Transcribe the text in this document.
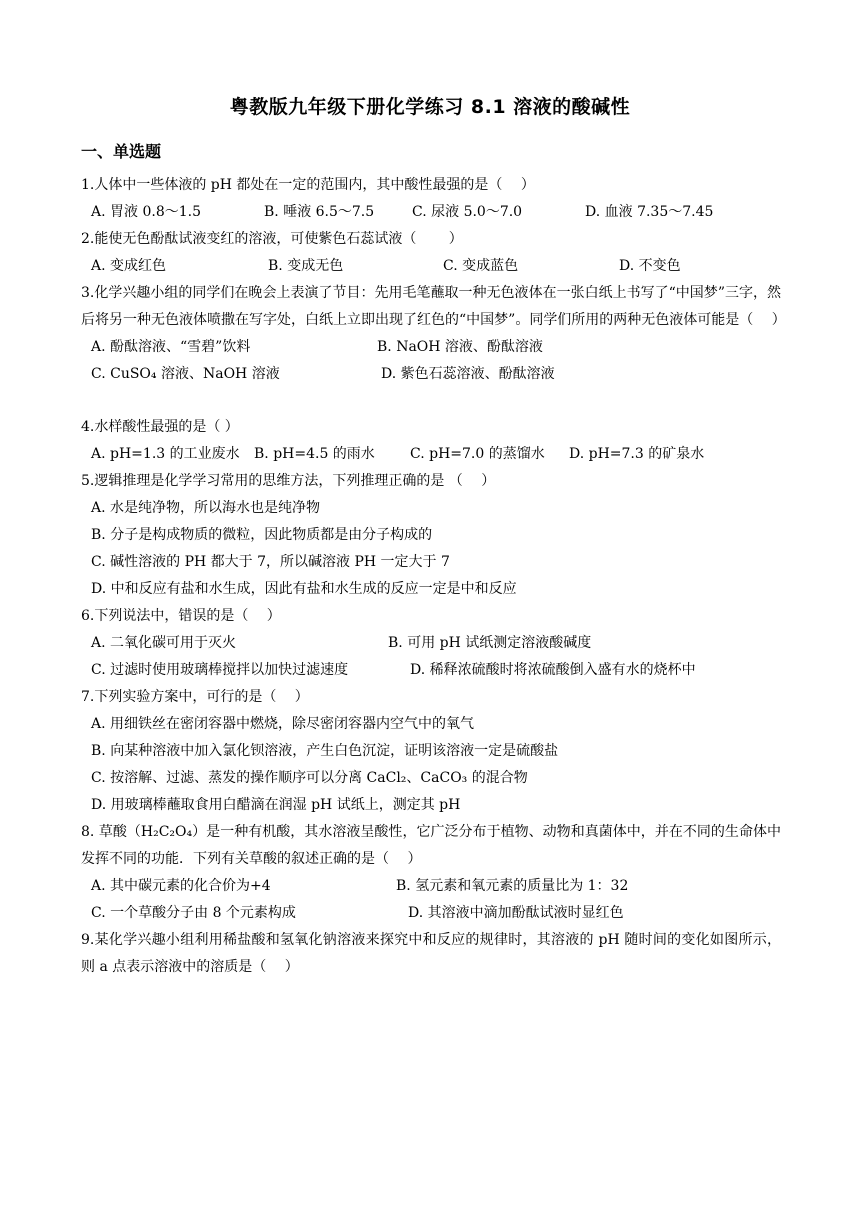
粤教版九年级下册化学练习 8.1 溶液的酸碱性
一、单选题
1.人体中一些体液的 pH 都处在一定的范围内，其中酸性最强的是（　 ）
A. 胃液 0.8～1.5	B. 唾液 6.5～7.5	C. 尿液 5.0～7.0	D. 血液 7.35～7.45
2.能使无色酚酞试液变红的溶液，可使紫色石蕊试液（　　 ）
A. 变成红色	B. 变成无色	C. 变成蓝色	D. 不变色
3.化学兴趣小组的同学们在晚会上表演了节目：先用毛笔蘸取一种无色液体在一张白纸上书写了“中国梦”三字，然后将另一种无色液体喷撒在写字处，白纸上立即出现了红色的“中国梦”。同学们所用的两种无色液体可能是（　 ）
A. 酚酞溶液、“雪碧”饮料	B. NaOH 溶液、酚酞溶液
C. CuSO₄ 溶液、NaOH 溶液	D. 紫色石蕊溶液、酚酞溶液
4.水样酸性最强的是（ ）
A. pH=1.3 的工业废水 B. pH=4.5 的雨水	C. pH=7.0 的蒸馏水 D. pH=7.3 的矿泉水
5.逻辑推理是化学学习常用的思维方法，下列推理正确的是 （　 ）
A. 水是纯净物，所以海水也是纯净物
B. 分子是构成物质的微粒，因此物质都是由分子构成的
C. 碱性溶液的 PH 都大于 7，所以碱溶液 PH 一定大于 7
D. 中和反应有盐和水生成，因此有盐和水生成的反应一定是中和反应
6.下列说法中，错误的是（　 ）
A. 二氧化碳可用于灭火	B. 可用 pH 试纸测定溶液酸碱度
C. 过滤时使用玻璃棒搅拌以加快过滤速度	D. 稀释浓硫酸时将浓硫酸倒入盛有水的烧杯中
7.下列实验方案中，可行的是（　 ）
A. 用细铁丝在密闭容器中燃烧，除尽密闭容器内空气中的氧气
B. 向某种溶液中加入氯化钡溶液，产生白色沉淀，证明该溶液一定是硫酸盐
C. 按溶解、过滤、蒸发的操作顺序可以分离 CaCl₂、CaCO₃ 的混合物
D. 用玻璃棒蘸取食用白醋滴在润湿 pH 试纸上，测定其 pH
8. 草酸（H₂C₂O₄）是一种有机酸，其水溶液呈酸性，它广泛分布于植物、动物和真菌体中，并在不同的生命体中发挥不同的功能．下列有关草酸的叙述正确的是（　 ）
A. 其中碳元素的化合价为+4	B. 氢元素和氧元素的质量比为 1：32
C. 一个草酸分子由 8 个元素构成	D. 其溶液中滴加酚酞试液时显红色
9.某化学兴趣小组利用稀盐酸和氢氧化钠溶液来探究中和反应的规律时，其溶液的 pH 随时间的变化如图所示，则 a 点表示溶液中的溶质是（　 ）
